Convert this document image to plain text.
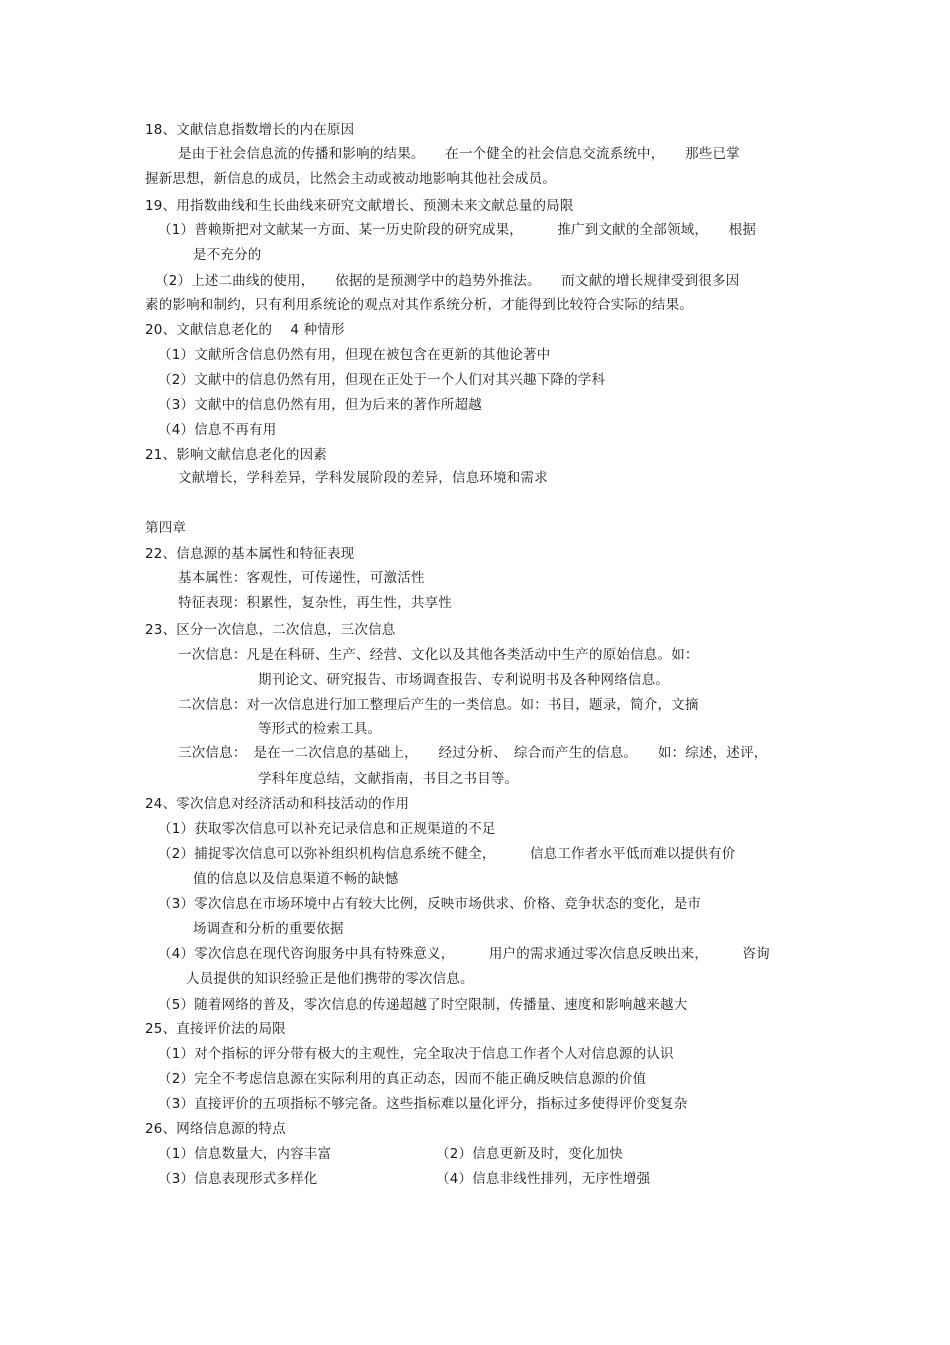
18、文献信息指数增长的内在原因
是由于社会信息流的传播和影响的结果。　　在一个健全的社会信息交流系统中，　　那些已掌
握新思想，新信息的成员，比然会主动或被动地影响其他社会成员。
19、用指数曲线和生长曲线来研究文献增长、预测未来文献总量的局限
（1）普赖斯把对文献某一方面、某一历史阶段的研究成果，　　　推广到文献的全部领域，　　根据
是不充分的
（2）上述二曲线的使用，　　依据的是预测学中的趋势外推法。　　而文献的增长规律受到很多因
素的影响和制约，只有利用系统论的观点对其作系统分析，才能得到比较符合实际的结果。
20、文献信息老化的　 4 种情形
（1）文献所含信息仍然有用，但现在被包含在更新的其他论著中
（2）文献中的信息仍然有用，但现在正处于一个人们对其兴趣下降的学科
（3）文献中的信息仍然有用，但为后来的著作所超越
（4）信息不再有用
21、影响文献信息老化的因素
文献增长，学科差异，学科发展阶段的差异，信息环境和需求
第四章
22、信息源的基本属性和特征表现
基本属性：客观性，可传递性，可激活性
特征表现：积累性，复杂性，再生性，共享性
23、区分一次信息，二次信息，三次信息
一次信息：凡是在科研、生产、经营、文化以及其他各类活动中生产的原始信息。如：
期刊论文、研究报告、市场调查报告、专利说明书及各种网络信息。
二次信息：对一次信息进行加工整理后产生的一类信息。如：书目，题录，简介，文摘
等形式的检索工具。
三次信息：　是在一二次信息的基础上，　　经过分析、　综合而产生的信息。　　如：综述，述评，
学科年度总结，文献指南，书目之书目等。
24、零次信息对经济活动和科技活动的作用
（1）获取零次信息可以补充记录信息和正规渠道的不足
（2）捕捉零次信息可以弥补组织机构信息系统不健全，　　　信息工作者水平低而难以提供有价
值的信息以及信息渠道不畅的缺憾
（3）零次信息在市场环境中占有较大比例，反映市场供求、价格、竞争状态的变化，是市
场调查和分析的重要依据
（4）零次信息在现代咨询服务中具有特殊意义，　　　用户的需求通过零次信息反映出来，　　　咨询
人员提供的知识经验正是他们携带的零次信息。
（5）随着网络的普及，零次信息的传递超越了时空限制，传播量、速度和影响越来越大
25、直接评价法的局限
（1）对个指标的评分带有极大的主观性，完全取决于信息工作者个人对信息源的认识
（2）完全不考虑信息源在实际利用的真正动态，因而不能正确反映信息源的价值
（3）直接评价的五项指标不够完备。这些指标难以量化评分，指标过多使得评价变复杂
26、网络信息源的特点
（1）信息数量大，内容丰富	（2）信息更新及时，变化加快
（3）信息表现形式多样化	（4）信息非线性排列，无序性增强
